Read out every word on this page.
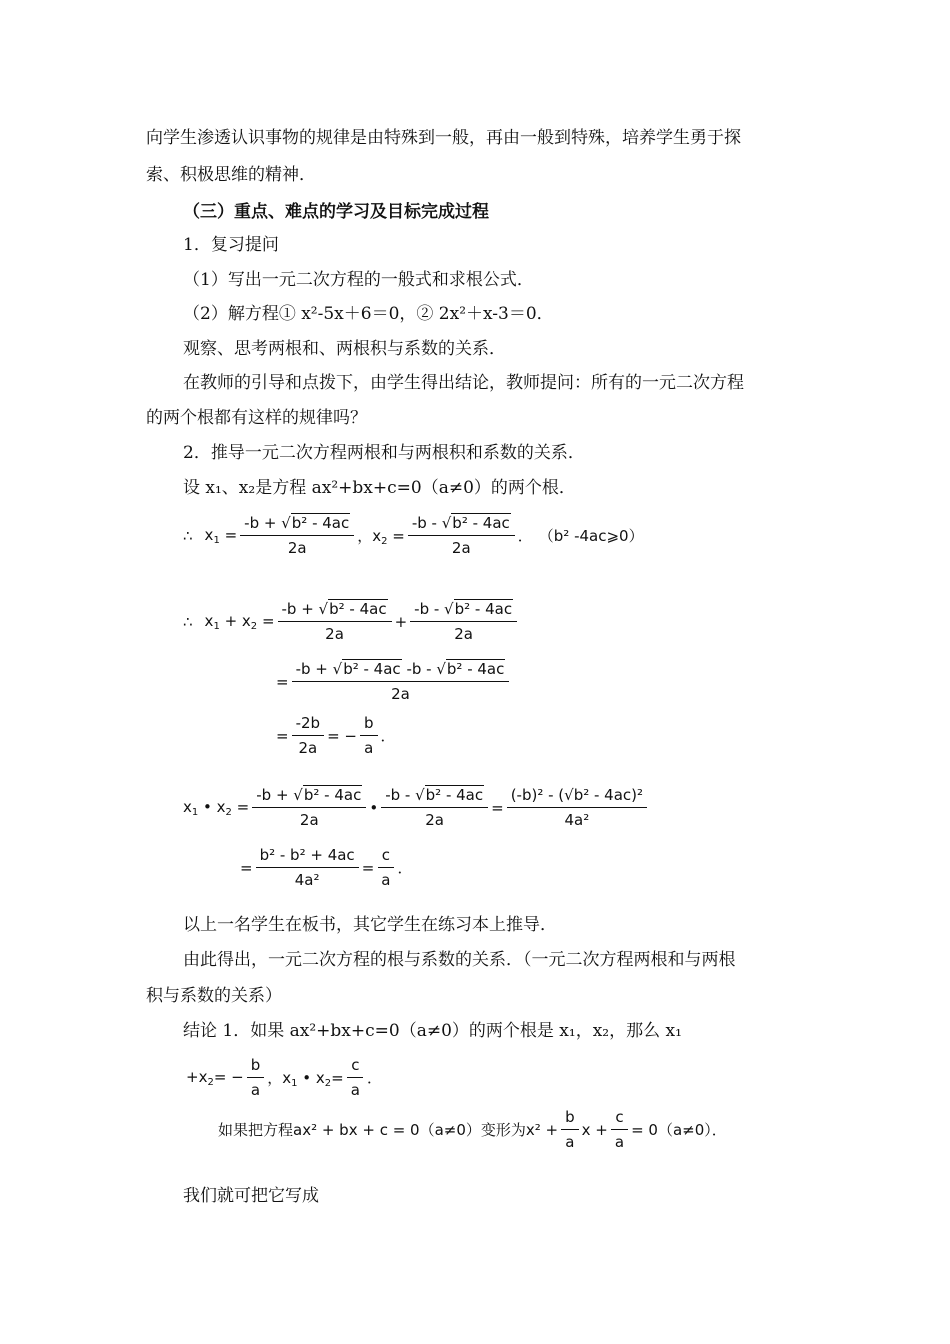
向学生渗透认识事物的规律是由特殊到一般，再由一般到特殊，培养学生勇于探
索、积极思维的精神．
（三）重点、难点的学习及目标完成过程
1．复习提问
（1）写出一元二次方程的一般式和求根公式．
（2）解方程① x²-5x＋6＝0，② 2x²＋x-3＝0．
观察、思考两根和、两根积与系数的关系．
在教师的引导和点拨下，由学生得出结论，教师提问：所有的一元二次方程
的两个根都有这样的规律吗？
2．推导一元二次方程两根和与两根积和系数的关系．
设 x₁、x₂是方程 ax²+bx+c=0（a≠0）的两个根．
∴ $x_1 = \frac{\text{-b + √b² - 4ac}}{2a}$ ，$x_2 = \frac{\text{-b - √b² - 4ac}}{2a}$ ． （b² -4ac⩾0）
∴ $x_1 + x_2 = \frac{\text{-b + √b² - 4ac}}{2a} + \frac{\text{-b - √b² - 4ac}}{2a}$
= $\frac{\text{-b + √b² - 4ac -b - √b² - 4ac}}{2a}$
= $\frac{-2b}{2a}$ = − $\frac{b}{a}$ ．
$x_1$ • $x_2 = \frac{\text{-b + √b² - 4ac}}{2a}$ • $\frac{\text{-b - √b² - 4ac}}{2a} = \frac{\text{(-b)² - (√b² - 4ac)²}}{\text{4a²}}$
= $\frac{\text{b² - b² + 4ac}}{\text{4a²}} = \frac{c}{a}$ ．
以上一名学生在板书，其它学生在练习本上推导．
由此得出，一元二次方程的根与系数的关系．（一元二次方程两根和与两根
积与系数的关系）
结论 1．如果 ax²+bx+c=0（a≠0）的两个根是 x₁，x₂，那么 x₁
$+x_2= - \frac{b}{a}$ ，$x_1$ • $x_2= \frac{c}{a}$ ．
如果把方程ax² + bx + c = 0（a≠0）变形为$x^2 + \frac{b}{a}$ $x + \frac{c}{a} = 0(a\ne 0)$．
我们就可把它写成
